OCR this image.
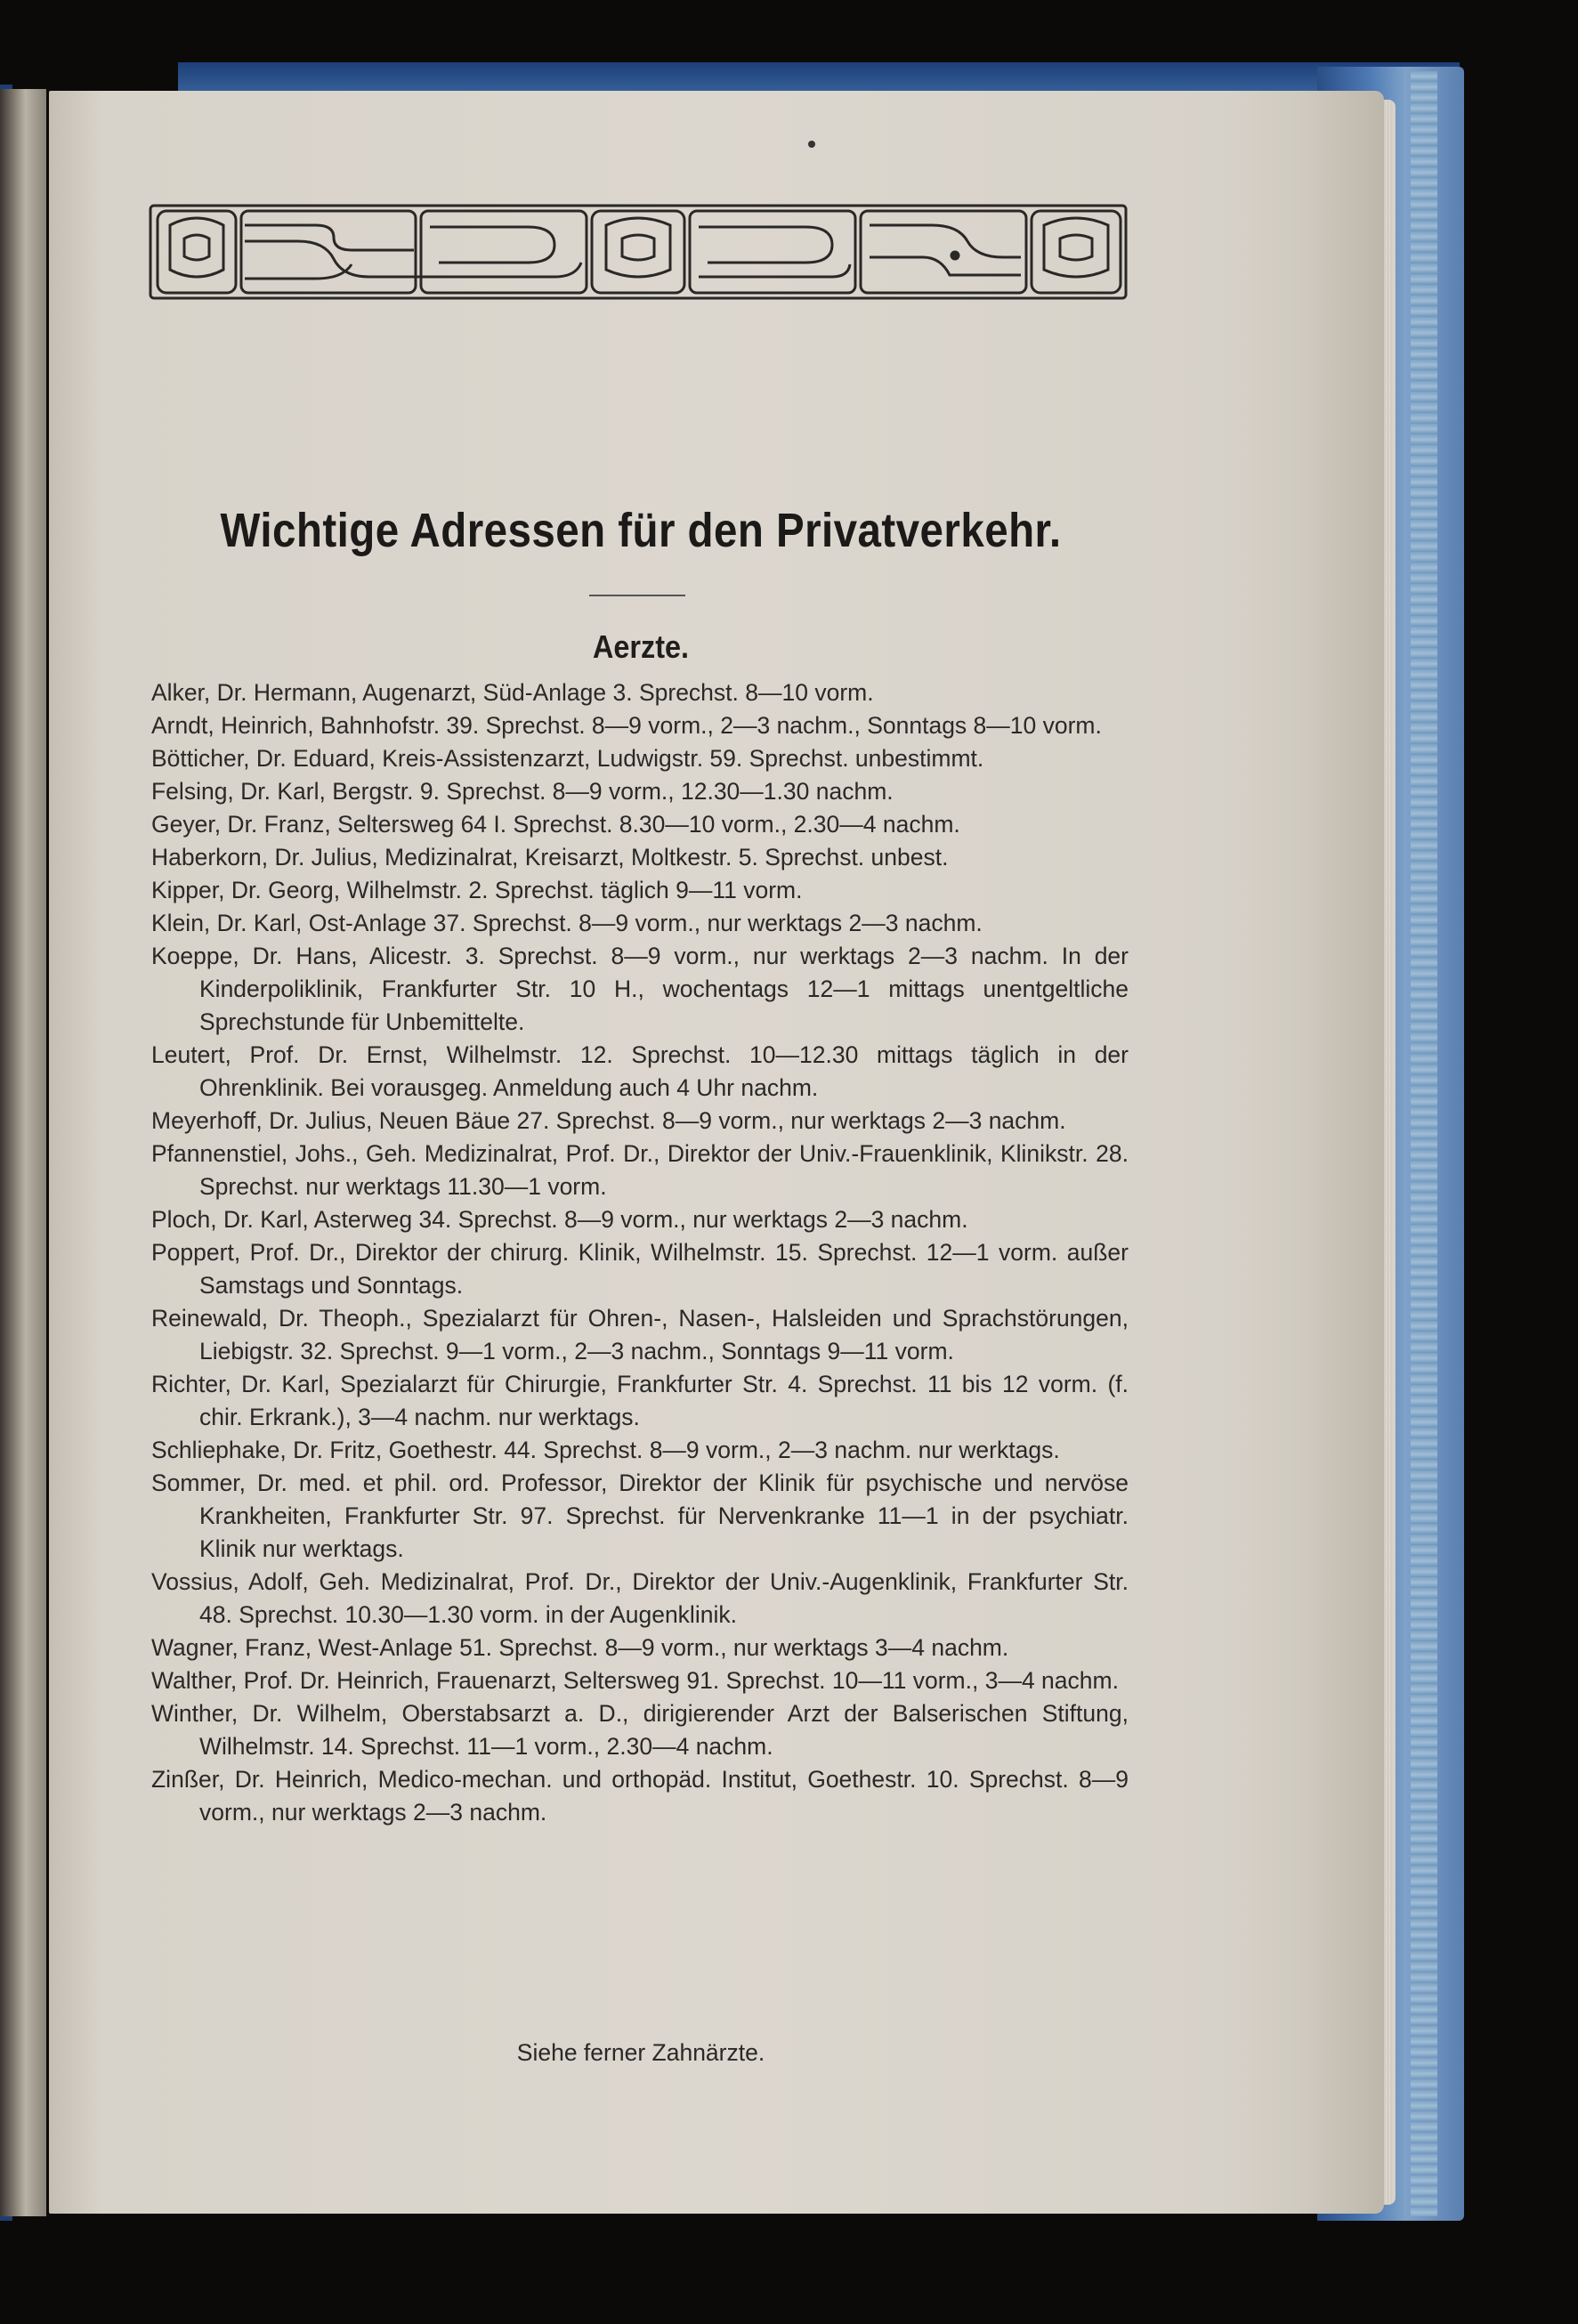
Wichtige Adressen für den Privatverkehr.
Aerzte.

Alker, Dr. Hermann, Augenarzt, Süd-Anlage 3. Sprechst. 8—10 vorm.

Arndt, Heinrich, Bahnhofstr. 39. Sprechst. 8—9 vorm., 2—3 nachm., Sonntags 8—10 vorm.

Bötticher, Dr. Eduard, Kreis-Assistenzarzt, Ludwigstr. 59. Sprechst. unbestimmt.

Felsing, Dr. Karl, Bergstr. 9. Sprechst. 8—9 vorm., 12.30—1.30 nachm.

Geyer, Dr. Franz, Seltersweg 64 I. Sprechst. 8.30—10 vorm., 2.30—4 nachm.

Haberkorn, Dr. Julius, Medizinalrat, Kreisarzt, Moltkestr. 5. Sprechst. unbest.

Kipper, Dr. Georg, Wilhelmstr. 2. Sprechst. täglich 9—11 vorm.

Klein, Dr. Karl, Ost-Anlage 37. Sprechst. 8—9 vorm., nur werktags 2—3 nachm.

Koeppe, Dr. Hans, Alicestr. 3. Sprechst. 8—9 vorm., nur werktags 2—3 nachm. In der Kinderpoliklinik, Frankfurter Str. 10 H., wochentags 12—1 mittags unentgeltliche Sprechstunde für Unbemittelte.

Leutert, Prof. Dr. Ernst, Wilhelmstr. 12. Sprechst. 10—12.30 mittags täglich in der Ohrenklinik. Bei vorausgeg. Anmeldung auch 4 Uhr nachm.

Meyerhoff, Dr. Julius, Neuen Bäue 27. Sprechst. 8—9 vorm., nur werktags 2—3 nachm.

Pfannenstiel, Johs., Geh. Medizinalrat, Prof. Dr., Direktor der Univ.-Frauenklinik, Klinikstr. 28. Sprechst. nur werktags 11.30—1 vorm.

Ploch, Dr. Karl, Asterweg 34. Sprechst. 8—9 vorm., nur werktags 2—3 nachm.

Poppert, Prof. Dr., Direktor der chirurg. Klinik, Wilhelmstr. 15. Sprechst. 12—1 vorm. außer Samstags und Sonntags.

Reinewald, Dr. Theoph., Spezialarzt für Ohren-, Nasen-, Halsleiden und Sprachstörungen, Liebigstr. 32. Sprechst. 9—1 vorm., 2—3 nachm., Sonntags 9—11 vorm.

Richter, Dr. Karl, Spezialarzt für Chirurgie, Frankfurter Str. 4. Sprechst. 11 bis 12 vorm. (f. chir. Erkrank.), 3—4 nachm. nur werktags.

Schliephake, Dr. Fritz, Goethestr. 44. Sprechst. 8—9 vorm., 2—3 nachm. nur werktags.

Sommer, Dr. med. et phil. ord. Professor, Direktor der Klinik für psychische und nervöse Krankheiten, Frankfurter Str. 97. Sprechst. für Nervenkranke 11—1 in der psychiatr. Klinik nur werktags.

Vossius, Adolf, Geh. Medizinalrat, Prof. Dr., Direktor der Univ.-Augenklinik, Frankfurter Str. 48. Sprechst. 10.30—1.30 vorm. in der Augenklinik.

Wagner, Franz, West-Anlage 51. Sprechst. 8—9 vorm., nur werktags 3—4 nachm.

Walther, Prof. Dr. Heinrich, Frauenarzt, Seltersweg 91. Sprechst. 10—11 vorm., 3—4 nachm.

Winther, Dr. Wilhelm, Oberstabsarzt a. D., dirigierender Arzt der Balserischen Stiftung, Wilhelmstr. 14. Sprechst. 11—1 vorm., 2.30—4 nachm.

Zinßer, Dr. Heinrich, Medico-mechan. und orthopäd. Institut, Goethestr. 10. Sprechst. 8—9 vorm., nur werktags 2—3 nachm.

Siehe ferner Zahnärzte.
